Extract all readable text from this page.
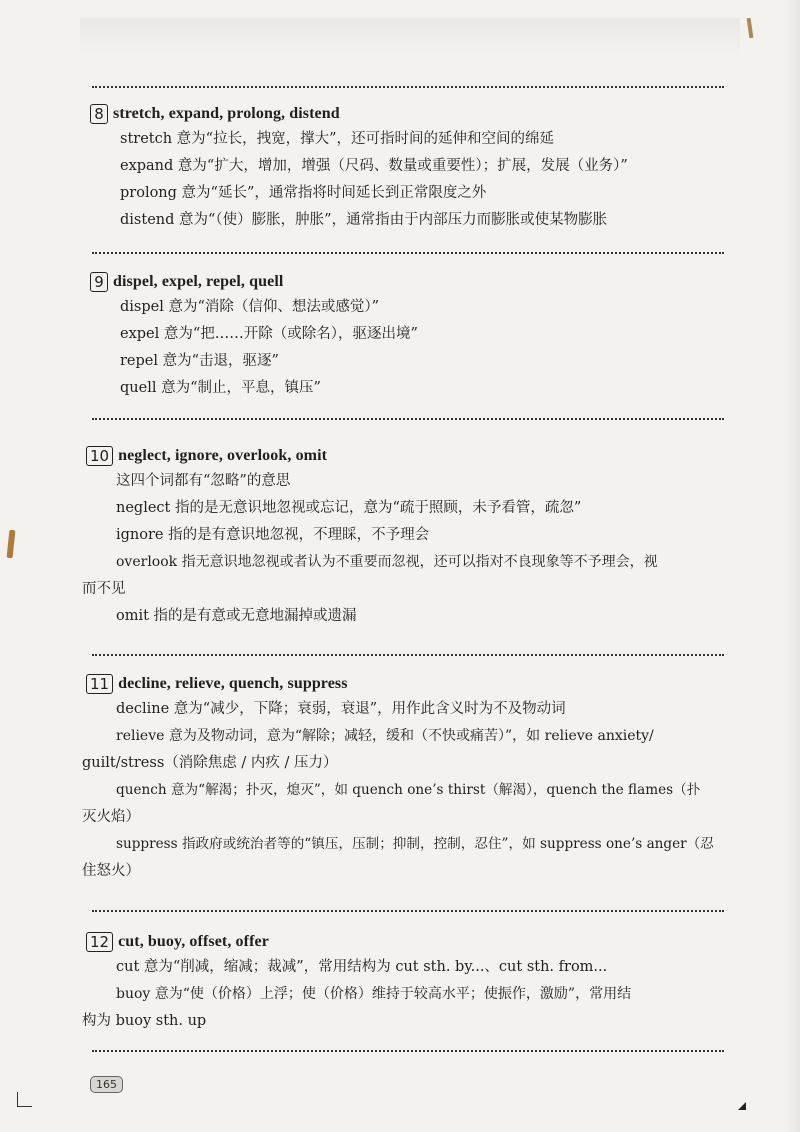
8 stretch, expand, prolong, distend
stretch 意为“拉长，拽宽，撑大”，还可指时间的延伸和空间的绵延
expand 意为“扩大，增加，增强（尺码、数量或重要性）；扩展，发展（业务）”
prolong 意为“延长”，通常指将时间延长到正常限度之外
distend 意为“（使）膨胀，肿胀”，通常指由于内部压力而膨胀或使某物膨胀
9 dispel, expel, repel, quell
dispel 意为“消除（信仰、想法或感觉）”
expel 意为“把……开除（或除名），驱逐出境”
repel 意为“击退，驱逐”
quell 意为“制止，平息，镇压”
10 neglect, ignore, overlook, omit
这四个词都有“忽略”的意思
neglect 指的是无意识地忽视或忘记，意为“疏于照顾，未予看管，疏忽”
ignore 指的是有意识地忽视，不理睬，不予理会
overlook 指无意识地忽视或者认为不重要而忽视，还可以指对不良现象等不予理会，视
而不见
omit 指的是有意或无意地漏掉或遗漏
11 decline, relieve, quench, suppress
decline 意为“减少，下降；衰弱，衰退”，用作此含义时为不及物动词
relieve 意为及物动词，意为“解除；减轻，缓和（不快或痛苦）”，如 relieve anxiety/
guilt/stress（消除焦虑 / 内疚 / 压力）
quench 意为“解渴；扑灭，熄灭”，如 quench one’s thirst（解渴），quench the flames（扑
灭火焰）
suppress 指政府或统治者等的“镇压，压制；抑制，控制，忍住”，如 suppress one’s anger（忍
住怒火）
12 cut, buoy, offset, offer
cut 意为“削减，缩减；裁减”，常用结构为 cut sth. by...、cut sth. from...
buoy 意为“使（价格）上浮；使（价格）维持于较高水平；使振作，激励”，常用结
构为 buoy sth. up
165
